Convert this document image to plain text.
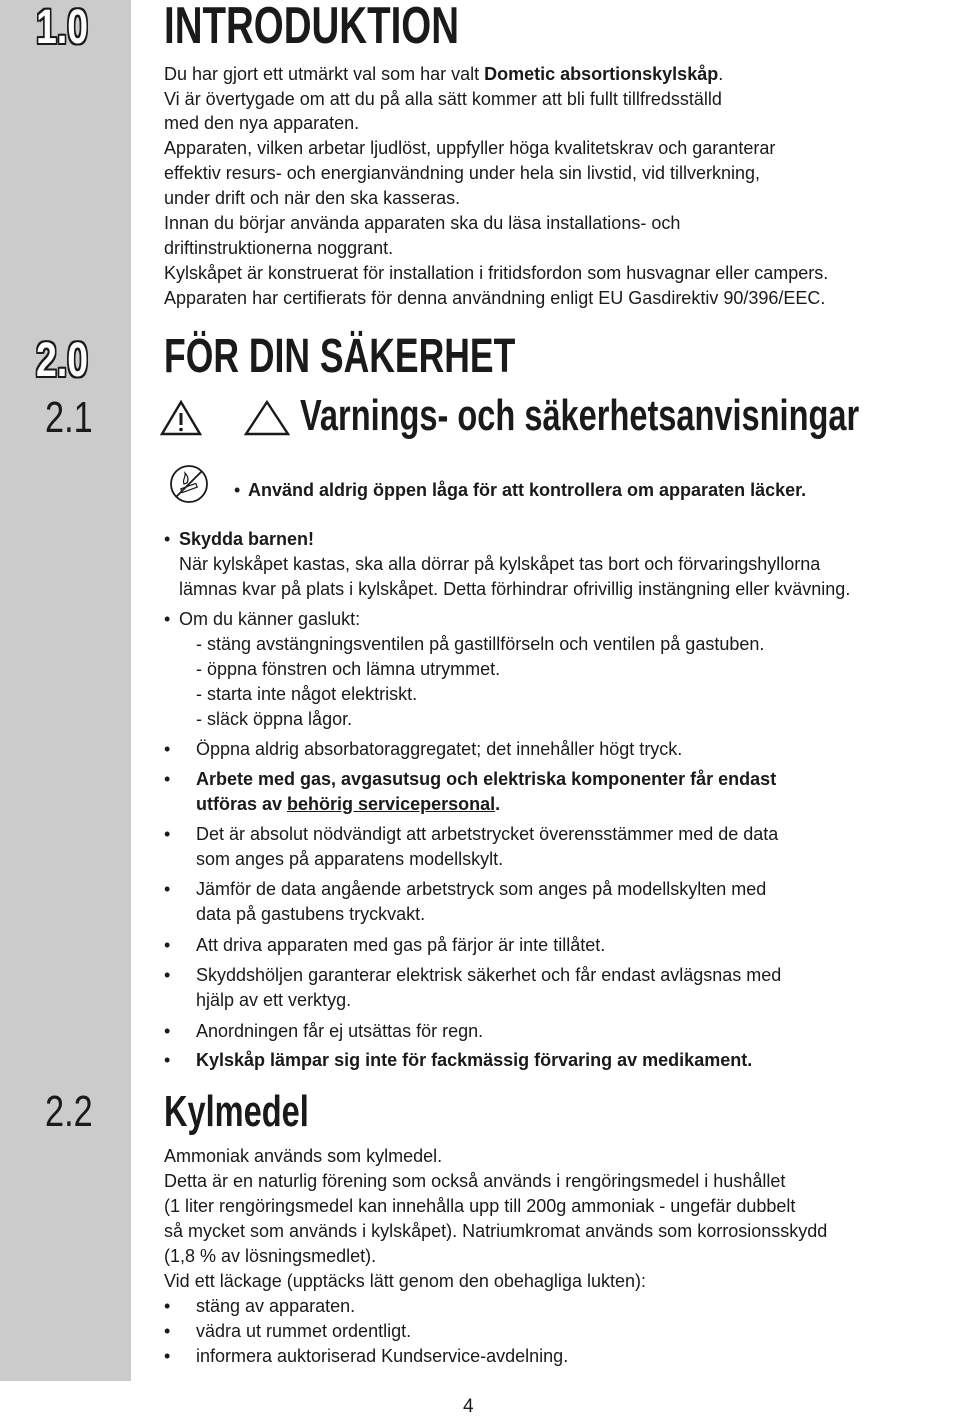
1.0
2.0
2.1
2.2
INTRODUKTION
FÖR DIN SÄKERHET
Varnings- och säkerhetsanvisningar
Kylmedel
Du har gjort ett utmärkt val som har valt Dometic absortionskylskåp.
Vi är övertygade om att du på alla sätt kommer att bli fullt tillfredsställd
med den nya apparaten.
Apparaten, vilken arbetar ljudlöst, uppfyller höga kvalitetskrav och garanterar
effektiv resurs- och energianvändning under hela sin livstid, vid tillverkning,
under drift och när den ska kasseras.
Innan du börjar använda apparaten ska du läsa installations- och
driftinstruktionerna noggrant.
Kylskåpet är konstruerat för installation i fritidsfordon som husvagnar eller campers.
Apparaten har certifierats för denna användning enligt EU Gasdirektiv 90/396/EEC.
• Använd aldrig öppen låga för att kontrollera om apparaten läcker.
• Skydda barnen!
När kylskåpet kastas, ska alla dörrar på kylskåpet tas bort och förvaringshyllorna
lämnas kvar på plats i kylskåpet. Detta förhindrar ofrivillig instängning eller kvävning.
• Om du känner gaslukt:
- stäng avstängningsventilen på gastillförseln och ventilen på gastuben.
- öppna fönstren och lämna utrymmet.
- starta inte något elektriskt.
- släck öppna lågor.
• Öppna aldrig absorbatoraggregatet; det innehåller högt tryck.
• Arbete med gas, avgasutsug och elektriska komponenter får endast
utföras av behörig servicepersonal.
• Det är absolut nödvändigt att arbetstrycket överensstämmer med de data
som anges på apparatens modellskylt.
• Jämför de data angående arbetstryck som anges på modellskylten med
data på gastubens tryckvakt.
• Att driva apparaten med gas på färjor är inte tillåtet.
• Skyddshöljen garanterar elektrisk säkerhet och får endast avlägsnas med
hjälp av ett verktyg.
• Anordningen får ej utsättas för regn.
• Kylskåp lämpar sig inte för fackmässig förvaring av medikament.
Ammoniak används som kylmedel.
Detta är en naturlig förening som också används i rengöringsmedel i hushållet
(1 liter rengöringsmedel kan innehålla upp till 200g ammoniak - ungefär dubbelt
så mycket som används i kylskåpet). Natriumkromat används som korrosionsskydd
(1,8 % av lösningsmedlet).
Vid ett läckage (upptäcks lätt genom den obehagliga lukten):
• stäng av apparaten.
• vädra ut rummet ordentligt.
• informera auktoriserad Kundservice-avdelning.
4
